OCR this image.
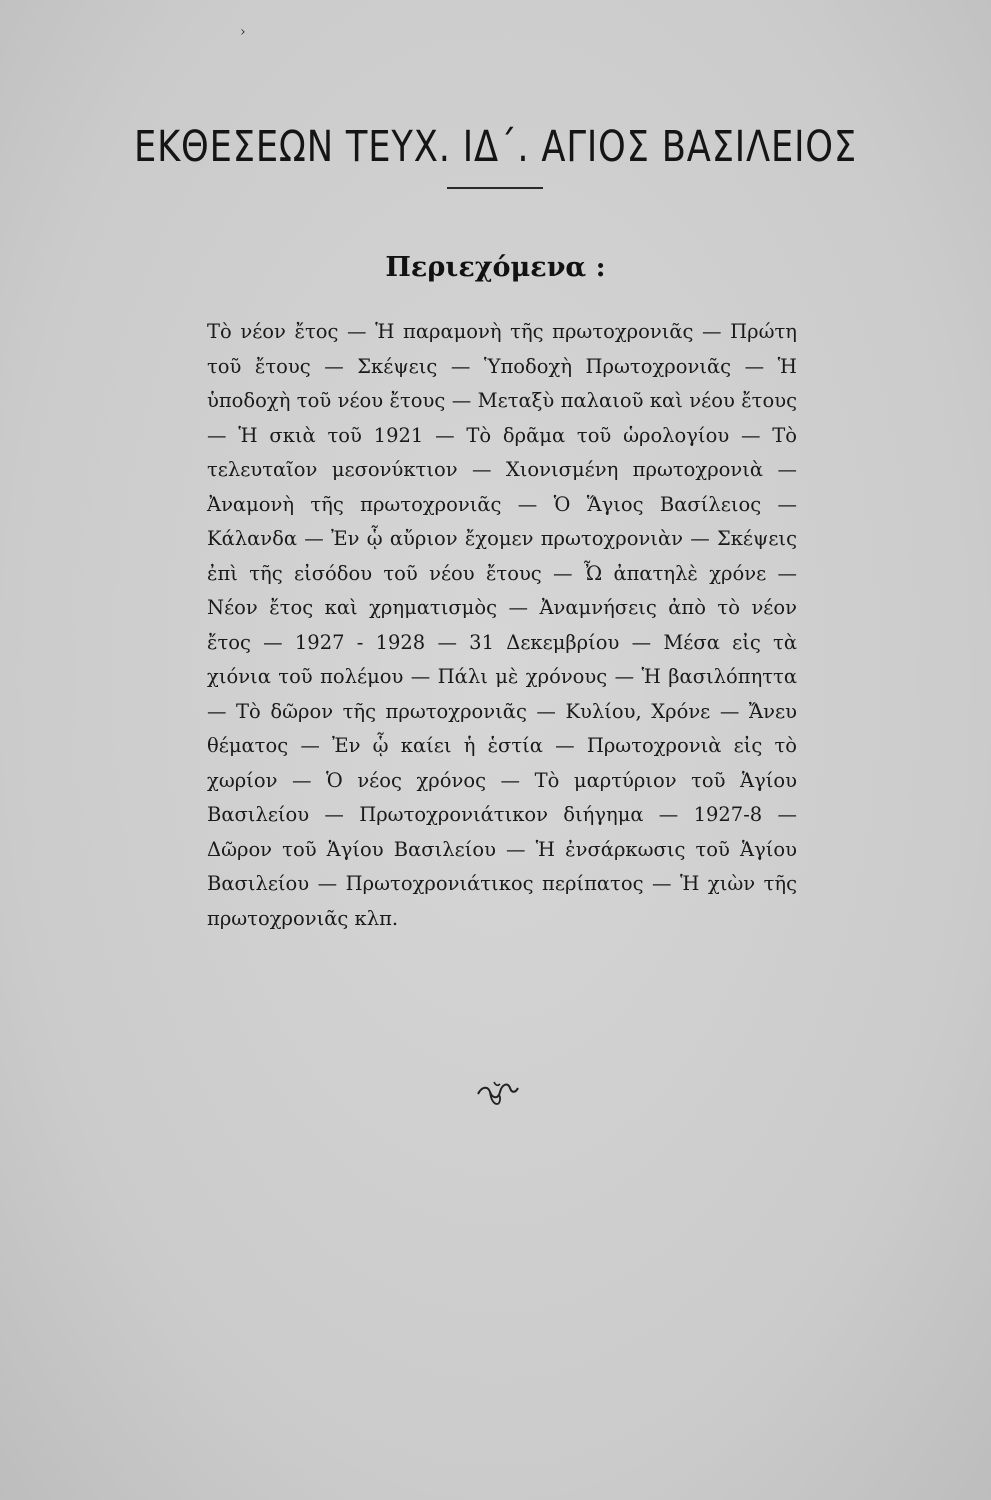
›
ΕΚΘΕΣΕΩΝ ΤΕΥΧ. ΙΔ΄. ΑΓΙΟΣ ΒΑΣΙΛΕΙΟΣ
Περιεχόμενα :

Τὸ νέον ἔτος — Ἡ παραμονὴ τῆς πρωτοχρονιᾶς — Πρώτη τοῦ ἔτους — Σκέψεις — Ὑποδοχὴ Πρωτοχρονιᾶς — Ἡ ὑποδοχὴ τοῦ νέου ἔτους — Μεταξὺ παλαιοῦ καὶ νέου ἔτους — Ἡ σκιὰ τοῦ 1921 — Τὸ δρᾶμα τοῦ ὡρολογίου — Τὸ τελευταῖον μεσονύκτιον — Χιονισμένη πρωτοχρονιὰ — Ἀναμονὴ τῆς πρωτοχρονιᾶς — Ὁ Ἅγιος Βασίλειος — Κάλανδα — Ἐν ᾧ αὔριον ἔχομεν πρωτοχρονιὰν — Σκέψεις ἐπὶ τῆς εἰσόδου τοῦ νέου ἔτους — Ὦ ἀπατηλὲ χρόνε — Νέον ἔτος καὶ χρηματισμὸς — Ἀναμνήσεις ἀπὸ τὸ νέον ἔτος — 1927 - 1928 — 31 Δεκεμβρίου — Μέσα εἰς τὰ χιόνια τοῦ πολέμου — Πάλι μὲ χρόνους — Ἡ βασιλόπηττα — Τὸ δῶρον τῆς πρωτοχρονιᾶς — Κυλίου, Χρόνε — Ἄνευ θέματος — Ἐν ᾧ καίει ἡ ἑστία — Πρωτοχρονιὰ εἰς τὸ χωρίον — Ὁ νέος χρόνος — Τὸ μαρτύριον τοῦ Ἁγίου Βασιλείου — Πρωτοχρονιάτικον διήγημα — 1927-8 — Δῶρον τοῦ Ἁγίου Βασιλείου — Ἡ ἐνσάρκωσις τοῦ Ἁγίου Βασιλείου — Πρωτοχρονιάτικος περίπατος — Ἡ χιὼν τῆς πρωτοχρονιᾶς κλπ.
